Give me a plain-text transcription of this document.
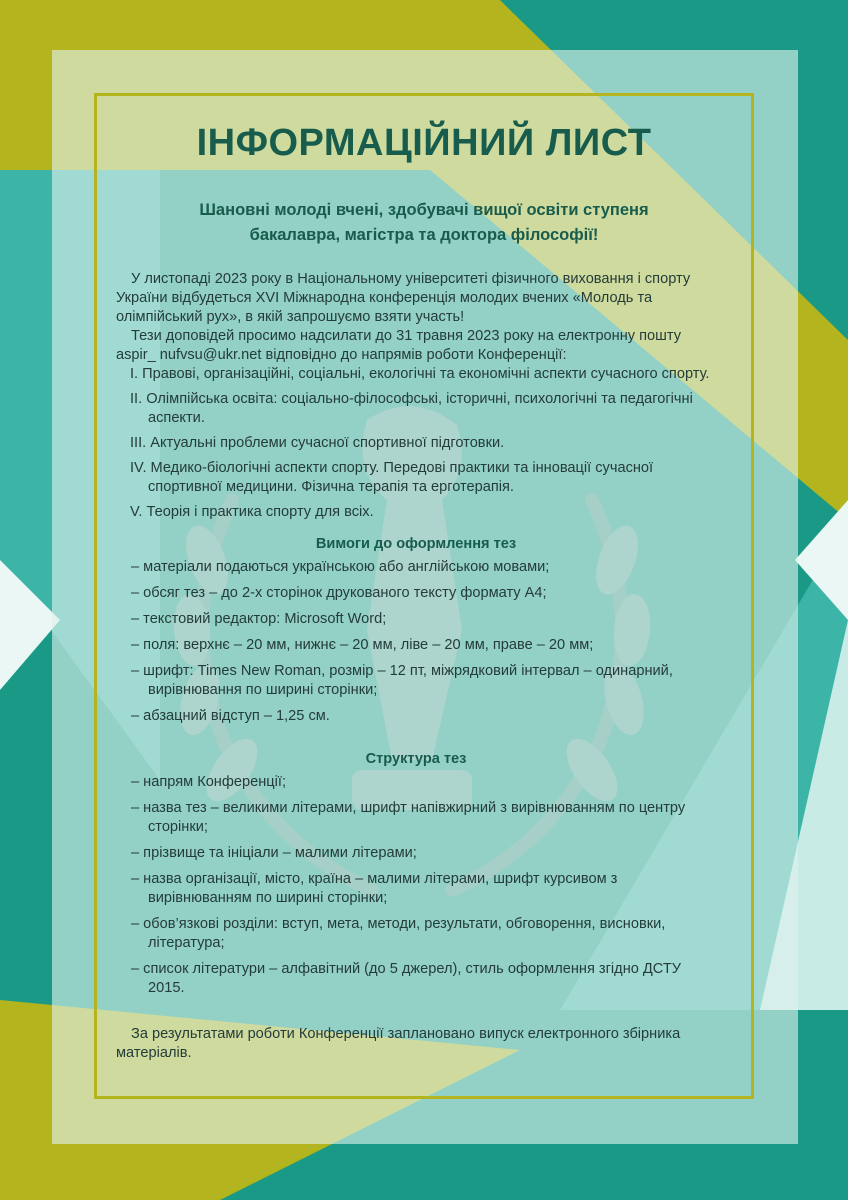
ІНФОРМАЦІЙНИЙ ЛИСТ
Шановні молоді вчені, здобувачі вищої освіти ступеня
бакалавра, магістра та доктора філософії!

У листопаді 2023 року в Національному університеті фізичного виховання і спорту України відбудеться XVI Міжнародна конференція молодих вчених «Молодь та олімпійський рух», в якій запрошуємо взяти участь!

Тези доповідей просимо надсилати до 31 травня 2023 року на електронну пошту aspir_ nufvsu@ukr.net відповідно до напрямів роботи Конференції:

I. Правові, організаційні, соціальні, екологічні та економічні аспекти сучасного спорту.

II. Олімпійська освіта: соціально-філософські, історичні, психологічні та педагогічні аспекти.

III. Актуальні проблеми сучасної спортивної підготовки.

IV. Медико-біологічні аспекти спорту. Передові практики та інновації сучасної спортивної медицини. Фізична терапія та ерготерапія.

V. Теорія і практика спорту для всіх.

Вимоги до оформлення тез

– матеріали подаються українською або англійською мовами;

– обсяг тез – до 2-х сторінок друкованого тексту формату А4;

– текстовий редактор: Microsoft Word;

– поля: верхнє – 20 мм, нижнє – 20 мм, ліве – 20 мм, праве – 20 мм;

– шрифт: Times New Roman, розмір – 12 пт, міжрядковий інтервал – одинарний, вирівнювання по ширині сторінки;

– абзацний відступ – 1,25 см.

Структура тез

– напрям Конференції;

– назва тез – великими літерами, шрифт напівжирний з вирівнюванням по центру сторінки;

– прізвище та ініціали – малими літерами;

– назва організації, місто, країна – малими літерами, шрифт курсивом з вирівнюванням по ширині сторінки;

– обов’язкові розділи: вступ, мета, методи, результати, обговорення, висновки, література;

– список літератури – алфавітний (до 5 джерел), стиль оформлення згідно ДСТУ 2015.

За результатами роботи Конференції заплановано випуск електронного збірника матеріалів.
